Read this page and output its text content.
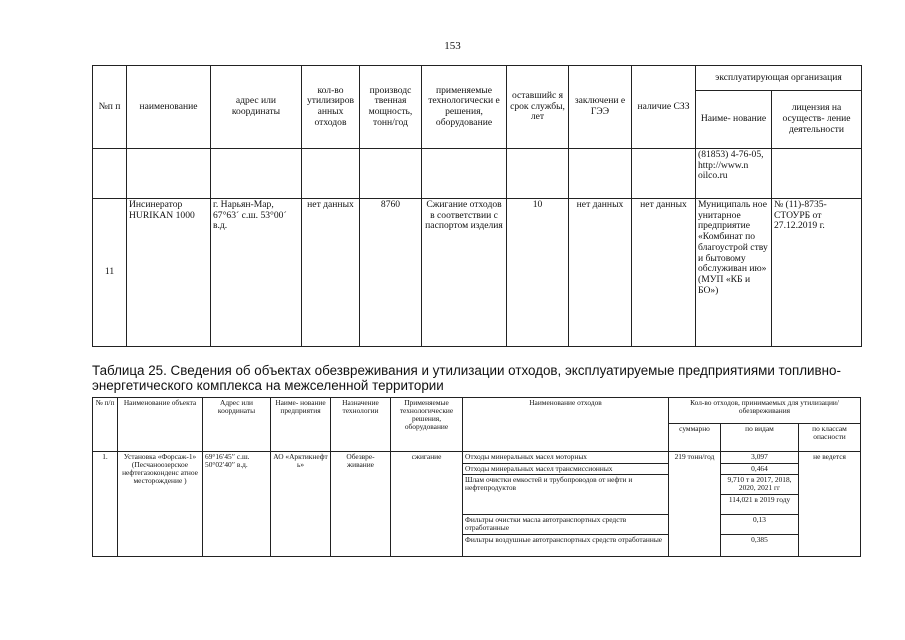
153
№п п	наименование	адрес или координаты	кол-во утилизиров анных отходов	производс твенная мощность, тонн/год	применяемые технологически е решения, оборудование	оставшийс я срок службы, лет	заключени е ГЭЭ	наличие СЗЗ	эксплуатирующая организация	
									Наиме- нование	лицензия на осуществ- ление деятельности
									(81853) 4-76-05, http://www.n oilco.ru	
11	Инсинератор HURIKAN 1000	г. Нарьян-Мар, 67°63´ с.ш. 53°00´ в.д.	нет данных	8760	Сжигание отходов в соответствии с паспортом изделия	10	нет данных	нет данных	Муниципаль ное унитарное предприятие «Комбинат по благоустрой ству и бытовому обслуживан ию» (МУП «КБ и БО»)	№ (11)-8735-СТОУРБ от 27.12.2019 г.
Таблица 25. Сведения об объектах обезвреживания и утилизации отходов, эксплуатируемые предприятиями топливно-энергетического комплекса на межселенной территории
№ п/п	Наименование объекта	Адрес или координаты	Наиме- нование предприятия	Назначение технологии	Применяемые технологические решения, оборудование	Наименование отходов	Кол-во отходов, принимаемых для утилизации/обезвреживания		
							суммарно	по видам	по классам опасности
1.	Установка «Форсаж-1» (Песчаноозерское нефтегазоконденс атное месторождение )	69°16′45′′ с.ш. 50°02′40′′ в.д.	АО «Арктикнефт ь»	Обезвре- живание	сжигание	Отходы минеральных масел моторных	219 тонн/год	3,097	не ведется
						Отходы минеральных масел трансмиссионных		0,464	
						Шлам очистки емкостей и трубопроводов от нефти и нефтепродуктов		9,710 т в 2017, 2018, 2020, 2021 гг	
								114,021 в 2019 году	
						Фильтры очистки масла автотранспортных средств отработанные		0,13	
						Фильтры воздушные автотранспортных средств отработанные		0,385	
